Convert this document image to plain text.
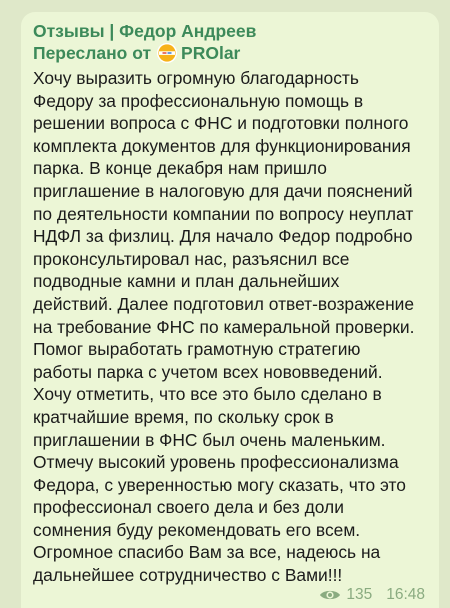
Отзывы | Федор Андреев
Переслано от PROlar
Хочу выразить огромную благодарность
Федору за профессиональную помощь в
решении вопроса с ФНС и подготовки полного
комплекта документов для функционирования
парка. В конце декабря нам пришло
приглашение в налоговую для дачи пояснений
по деятельности компании по вопросу неуплат
НДФЛ за физлиц. Для начало Федор подробно
проконсультировал нас, разъяснил все
подводные камни и план дальнейших
действий. Далее подготовил ответ-возражение
на требование ФНС по камеральной проверки.
Помог выработать грамотную стратегию
работы парка с учетом всех нововведений.
Хочу отметить, что все это было сделано в
кратчайшие время, по скольку срок в
приглашении в ФНС был очень маленьким.
Отмечу высокий уровень профессионализма
Федора, с уверенностью могу сказать, что это
профессионал своего дела и без доли
сомнения буду рекомендовать его всем.
Огромное спасибо Вам за все, надеюсь на
дальнейшее сотрудничество с Вами!!!
135 16:48
